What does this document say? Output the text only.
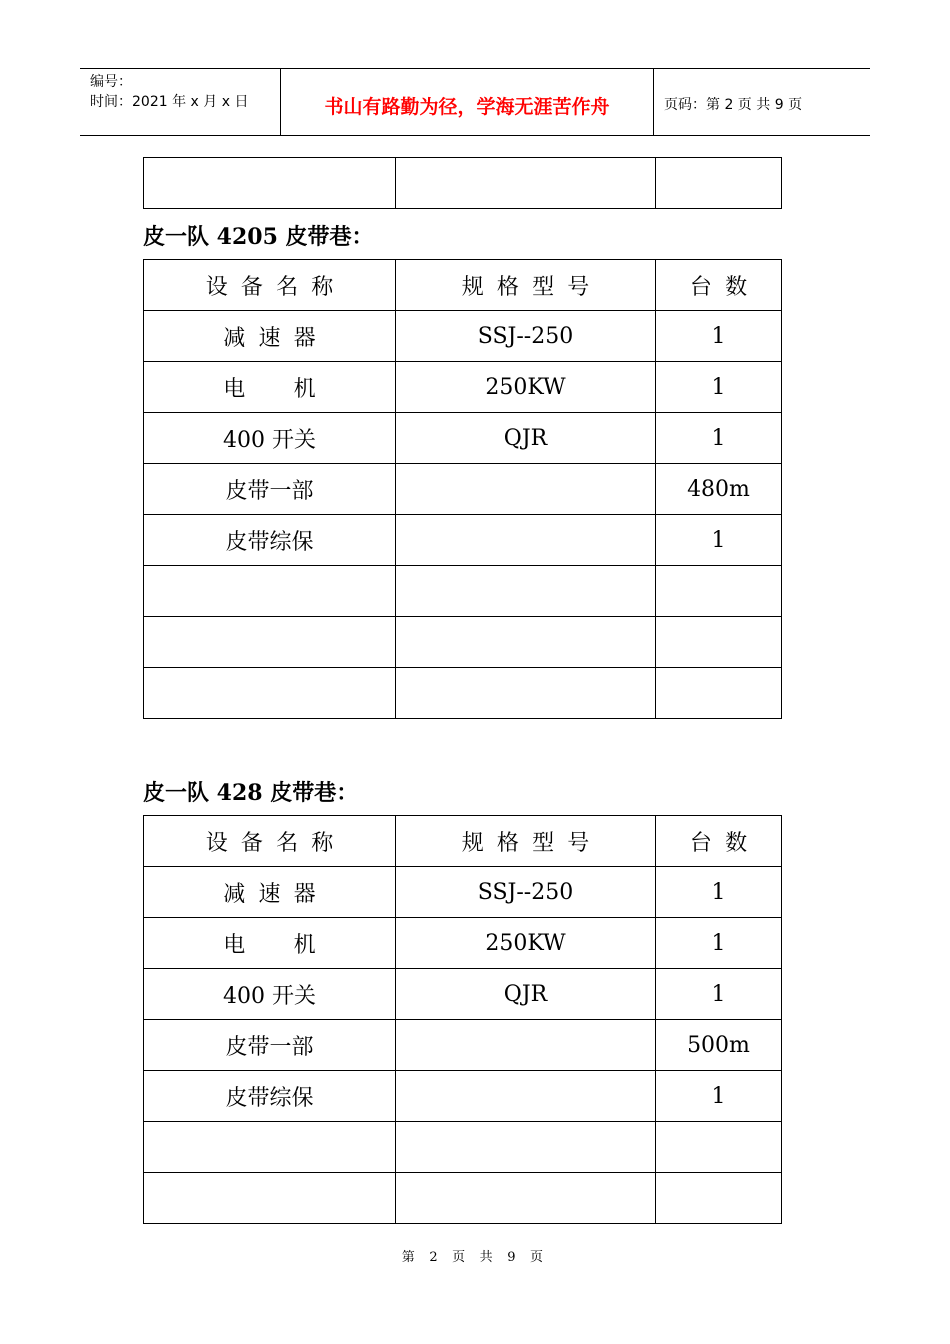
编号：
时间：2021 年 x 月 x 日	书山有路勤为径，学海无涯苦作舟	页码：第 2 页 共 9 页

皮一队 4205 皮带巷：
设备名称	规格型号	台数
减速器	SSJ--250	1
电机	250KW	1
400 开关	QJR	1
皮带一部		480m
皮带综保		1

皮一队 428 皮带巷：
设备名称	规格型号	台数
减速器	SSJ--250	1
电机	250KW	1
400 开关	QJR	1
皮带一部		500m
皮带综保		1

第 2 页 共 9 页
